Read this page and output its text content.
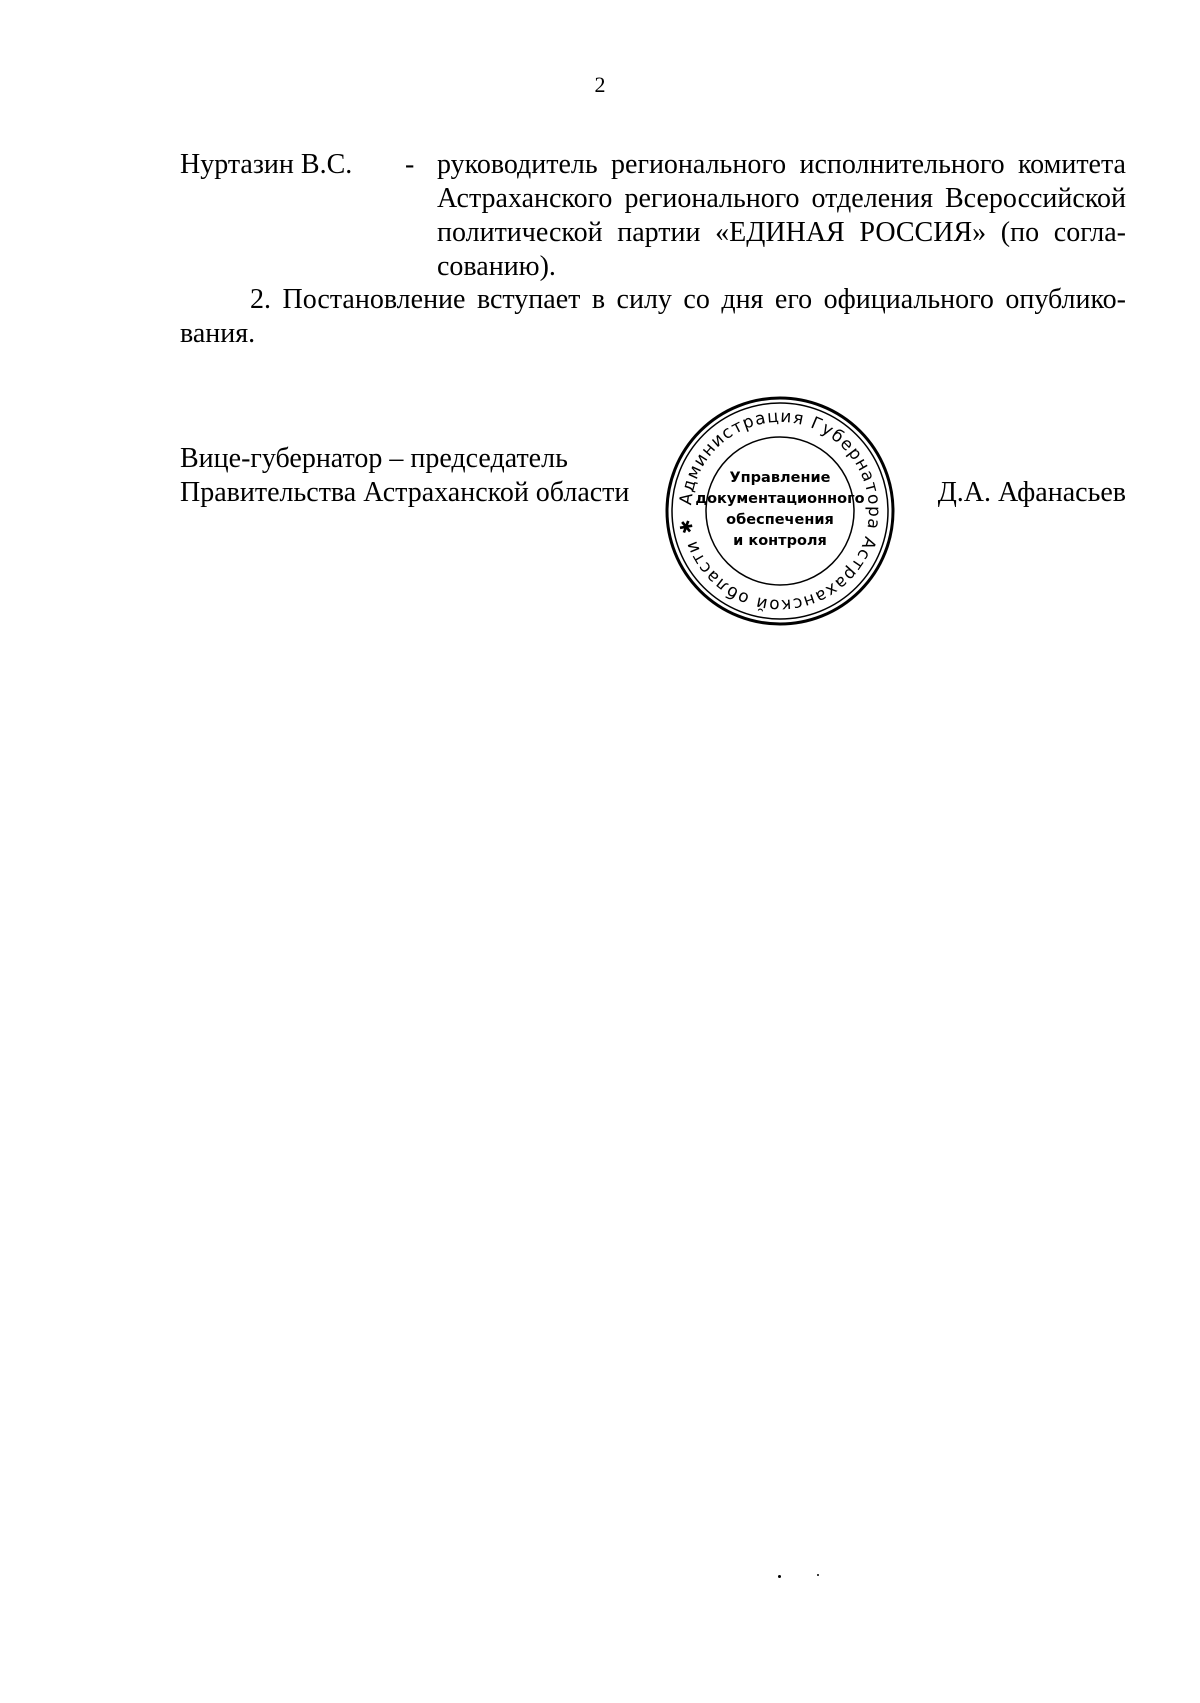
2
Нуртазин В.С. - руководитель регионального исполнительного комитета Астраханского регионального отделения Всероссийской политической партии «ЕДИНАЯ РОССИЯ» (по согла-сованию).
2. Постановление вступает в силу со дня его официального опублико-вания.
Вице-губернатор – председатель
Правительства Астраханской области	Д.А. Афанасьев
Администрация Губернатора Астраханской области ✱
Управление
документационного
обеспечения
и контроля
